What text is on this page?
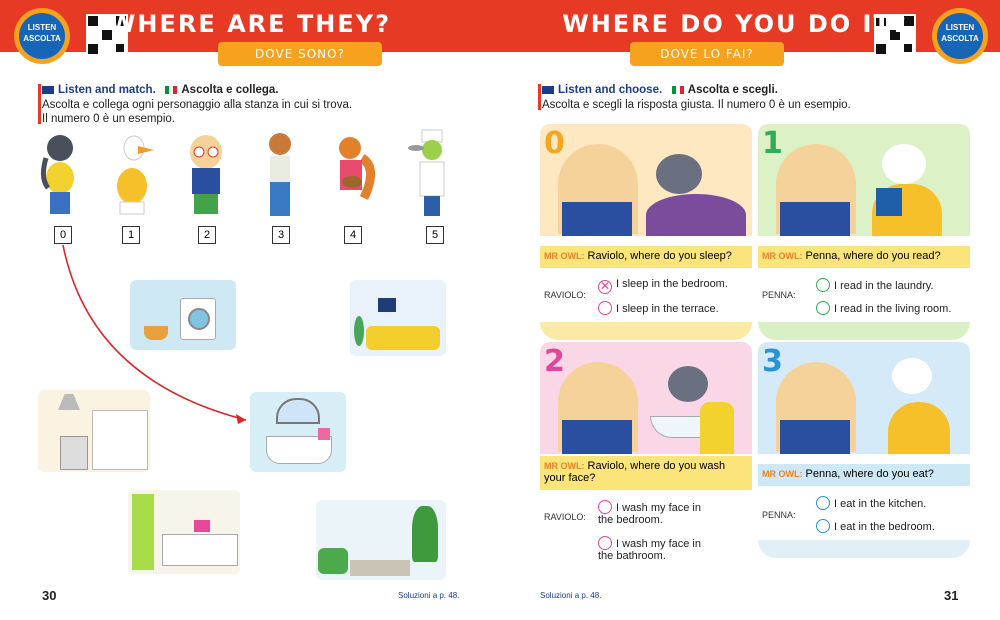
LISTEN
ASCOLTA
WHERE ARE THEY?
DOVE SONO?
Listen and match. Ascolta e collega.
Ascolta e collega ogni personaggio alla stanza in cui si trova.
Il numero 0 è un esempio.
0	1	2	3	4	5
30	Soluzioni a p. 48.
LISTEN
ASCOLTA
WHERE DO YOU DO IT?
DOVE LO FAI?
Listen and choose. Ascolta e scegli.
Ascolta e scegli la risposta giusta. Il numero 0 è un esempio.
0
MR OWL: Raviolo, where do you sleep?
RAVIOLO:
✕ I sleep in the bedroom.
I sleep in the terrace.
1
MR OWL: Penna, where do you read?
PENNA:
I read in the laundry.
I read in the living room.
2
MR OWL: Raviolo, where do you wash your face?
RAVIOLO:
I wash my face in the bedroom.
I wash my face in the bathroom.
3
MR OWL: Penna, where do you eat?
PENNA:
I eat in the kitchen.
I eat in the bedroom.
Soluzioni a p. 48.	31
